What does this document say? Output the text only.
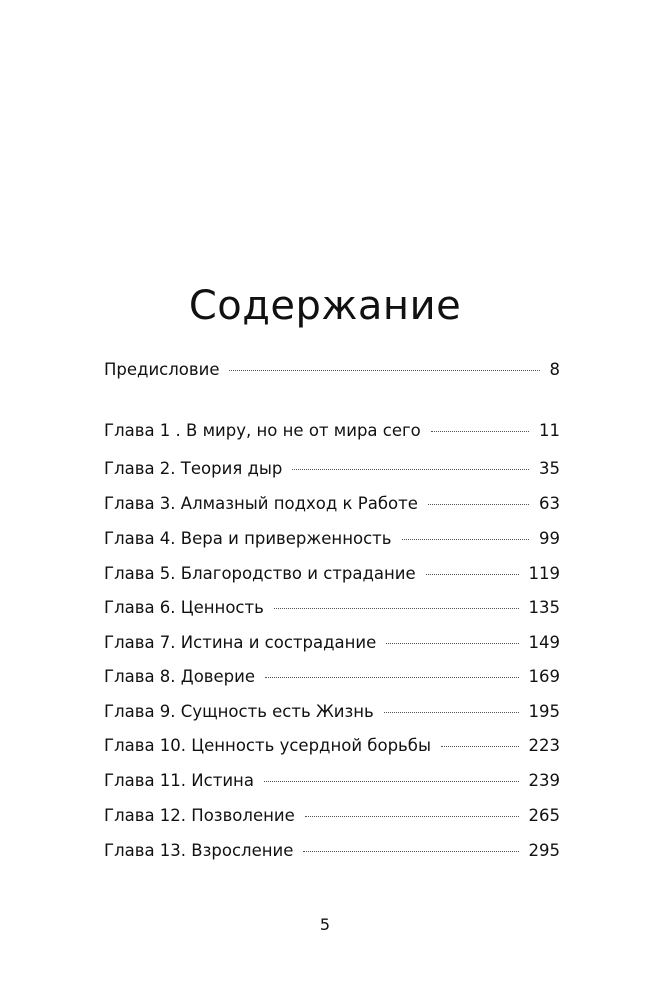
Содержание
Предисловие	8
Глава 1 . В миру, но не от мира сего	11
Глава 2. Теория дыр	35
Глава 3. Алмазный подход к Работе	63
Глава 4. Вера и приверженность	99
Глава 5. Благородство и страдание	119
Глава 6. Ценность	135
Глава 7. Истина и сострадание	149
Глава 8. Доверие	169
Глава 9. Сущность есть Жизнь	195
Глава 10. Ценность усердной борьбы	223
Глава 11. Истина	239
Глава 12. Позволение	265
Глава 13. Взросление	295
5
